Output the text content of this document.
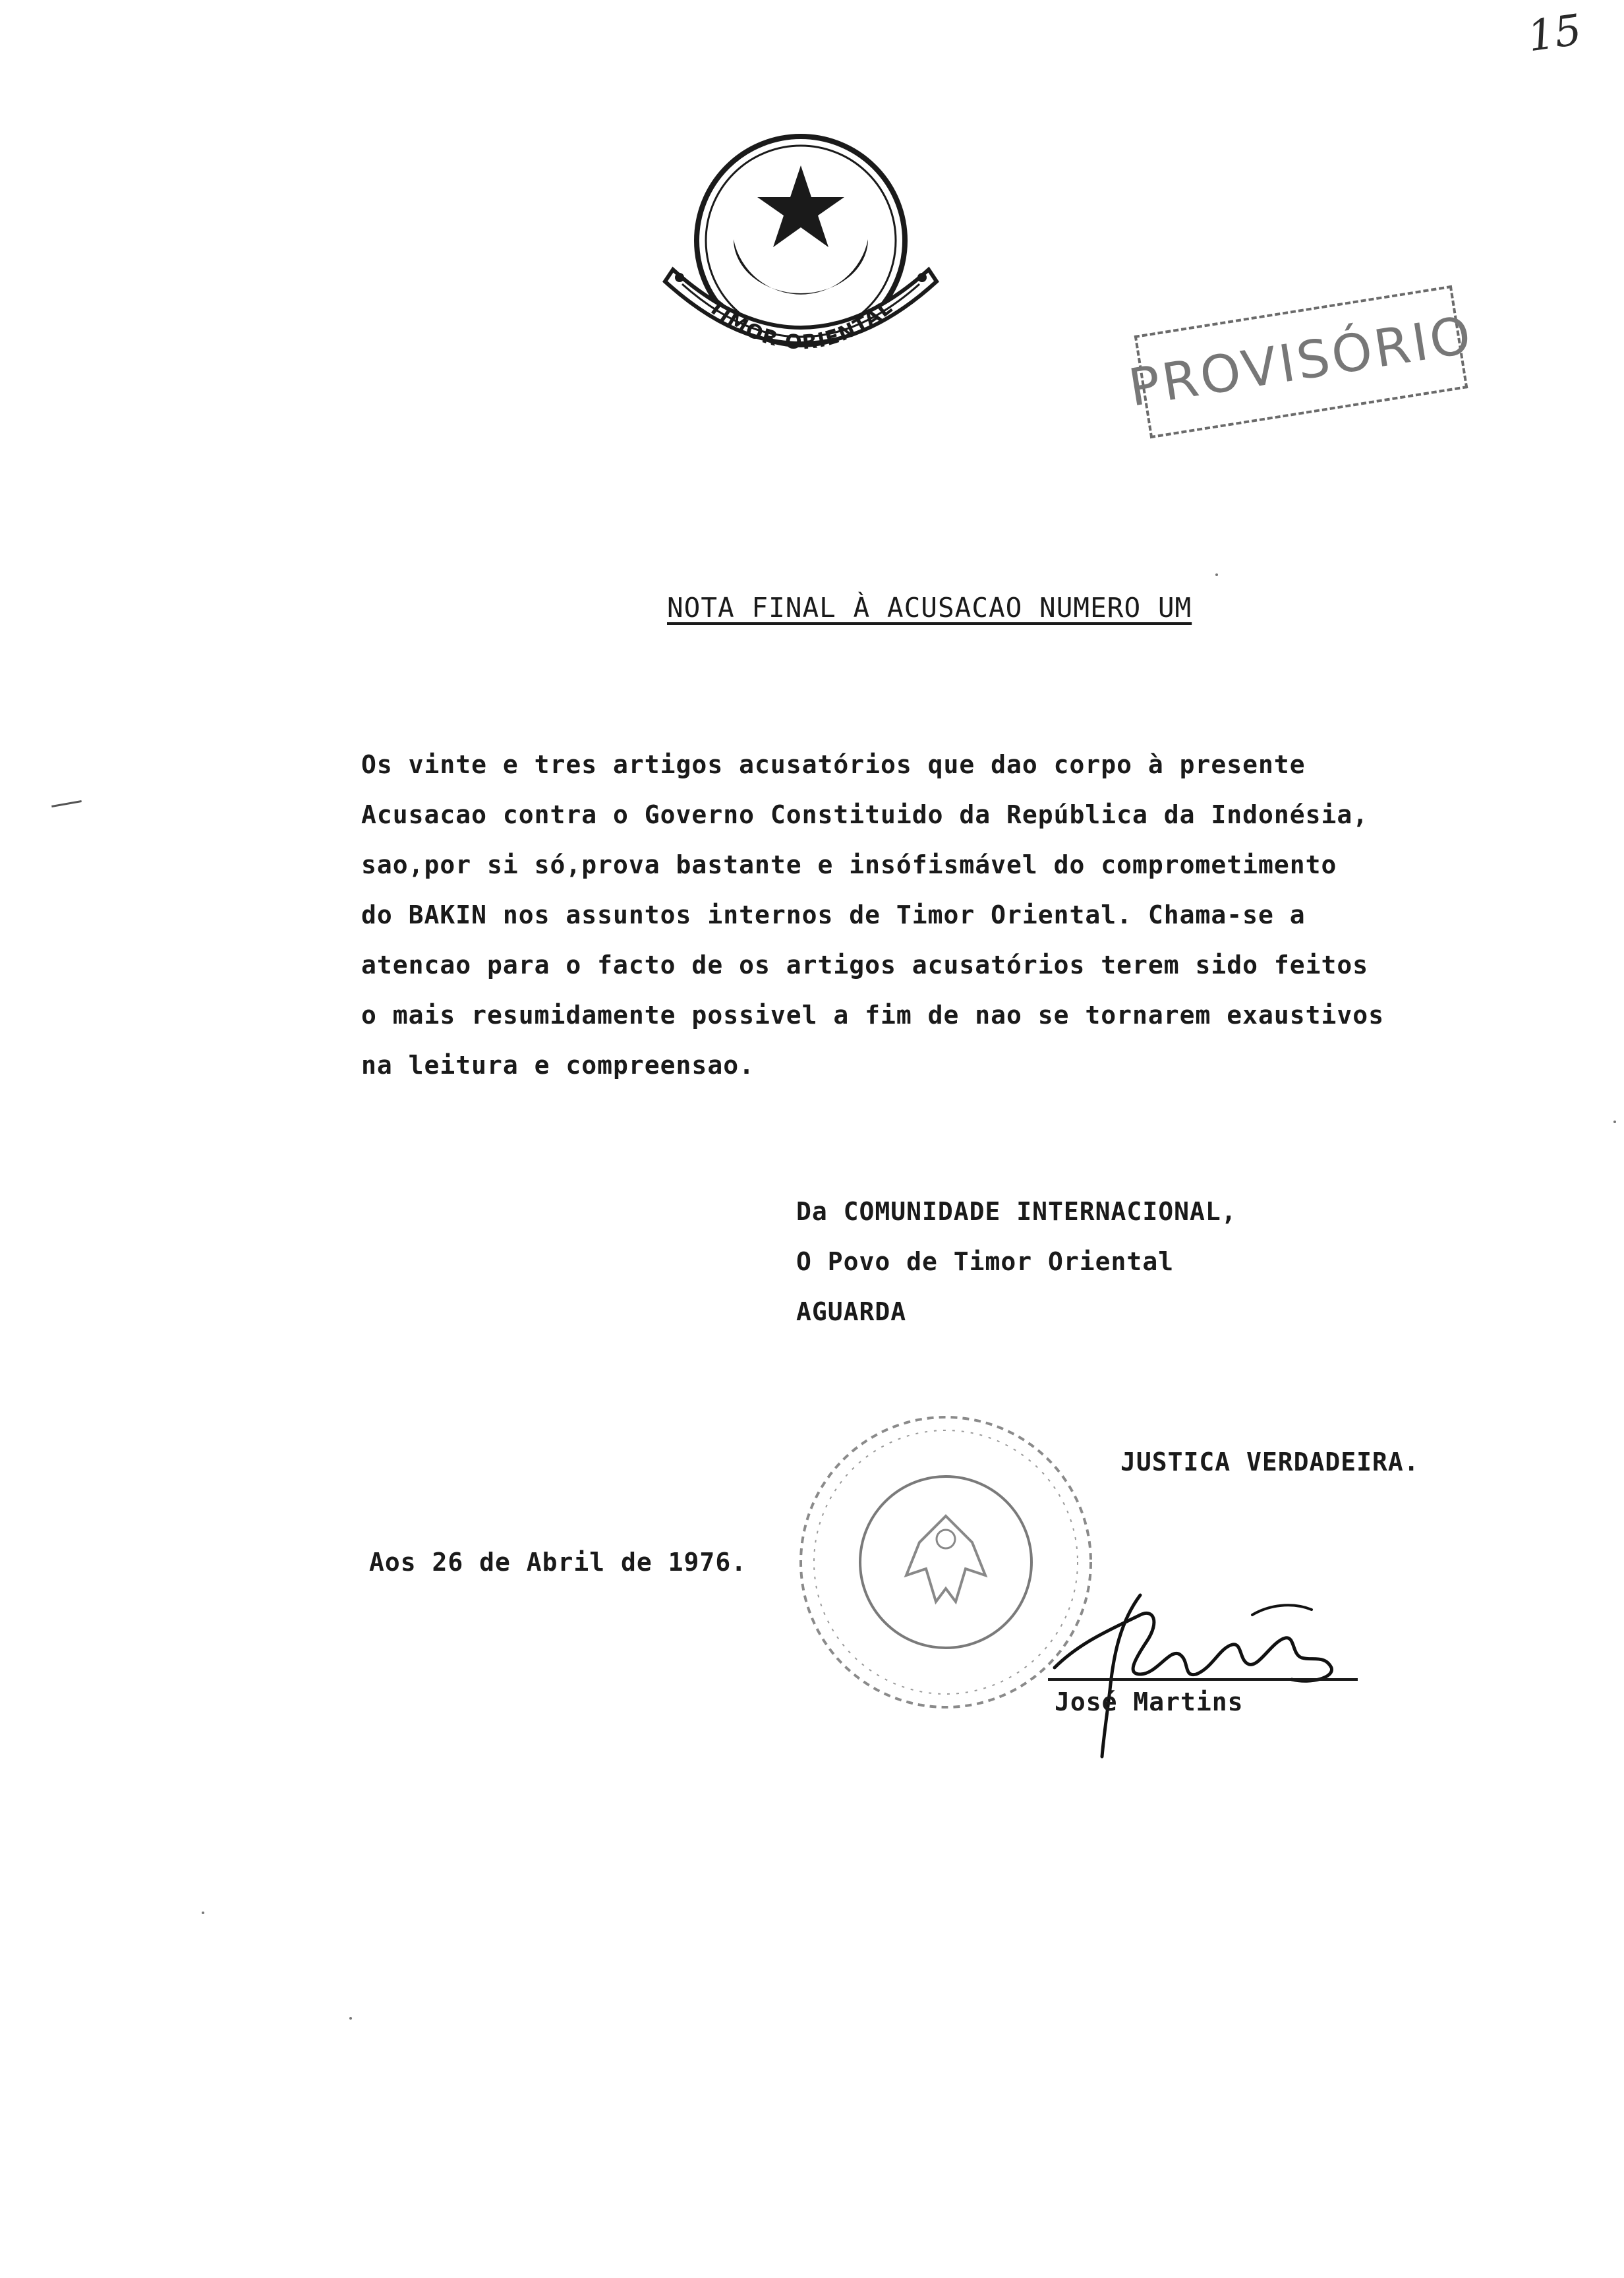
15
TIMOR ORIENTAL	PROVISÓRIO
NOTA FINAL À ACUSACAO NUMERO UM
Os vinte e tres artigos acusatórios que dao corpo à presente
Acusacao contra o Governo Constituido da República da Indonésia,
sao,por si só,prova bastante e insófismável do comprometimento
do BAKIN nos assuntos internos de Timor Oriental. Chama-se a
atencao para o facto de os artigos acusatórios terem sido feitos
o mais resumidamente possivel a fim de nao se tornarem exaustivos
na leitura e compreensao.
Da COMUNIDADE INTERNACIONAL,
O Povo de Timor Oriental
AGUARDA
JUSTICA VERDADEIRA.
Aos 26 de Abril de 1976.
José Martins
